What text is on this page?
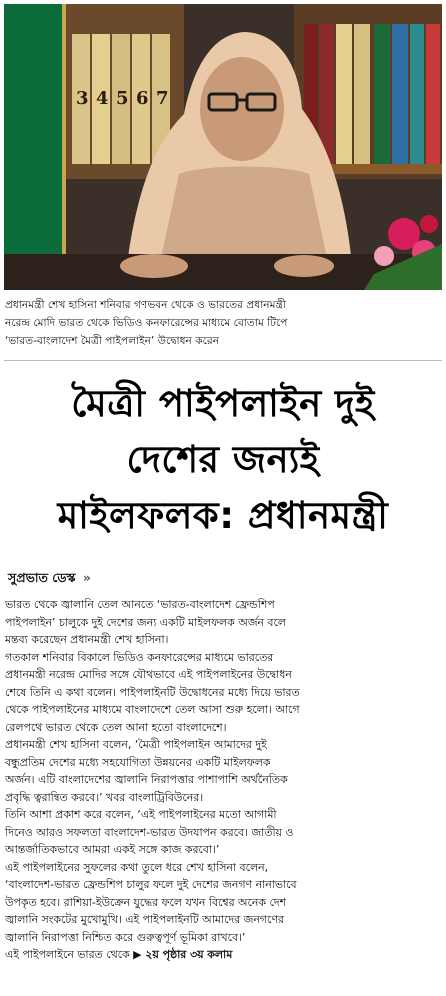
3 4 5 6 7
প্রধানমন্ত্রী শেখ হাসিনা শনিবার গণভবন থেকে ও ভারতের প্রধানমন্ত্রী
নরেন্দ্র মোদি ভারত থেকে ভিডিও কনফারেন্সের মাধ্যমে বোতাম টিপে
‘ভারত-বাংলাদেশ মৈত্রী পাইপলাইন’ উদ্বোধন করেন
মৈত্রী পাইপলাইন দুই
দেশের জন্যই
মাইলফলক: প্রধানমন্ত্রী
সুপ্রভাত ডেস্ক »

ভারত থেকে জ্বালানি তেল আনতে ‘ভারত-বাংলাদেশ ফ্রেন্ডশিপ

পাইপলাইন’ চালুকে দুই দেশের জন্য একটি মাইলফলক অর্জন বলে

মন্তব্য করেছেন প্রধানমন্ত্রী শেখ হাসিনা।

গতকাল শনিবার বিকালে ভিডিও কনফারেন্সের মাধ্যমে ভারতের

প্রধানমন্ত্রী নরেন্দ্র মোদির সঙ্গে যৌথভাবে এই পাইপলাইনের উদ্বোধন

শেষে তিনি এ কথা বলেন। পাইপলাইনটি উদ্বোধনের মধ্যে দিয়ে ভারত

থেকে পাইপলাইনের মাধ্যমে বাংলাদেশে তেল আসা শুরু হলো। আগে

রেলপথে ভারত থেকে তেল আনা হতো বাংলাদেশে।

প্রধানমন্ত্রী শেখ হাসিনা বলেন, ‘মৈত্রী পাইপলাইন আমাদের দুই

বন্ধুপ্রতিম দেশের মধ্যে সহযোগিতা উন্নয়নের একটি মাইলফলক

অর্জন। এটি বাংলাদেশের জ্বালানি নিরাপত্তার পাশাপাশি অর্থনৈতিক

প্রবৃদ্ধি ত্বরান্বিত করবে।’ খবর বাংলাট্রিবিউনের।

তিনি আশা প্রকাশ করে বলেন, ‘এই পাইপলাইনের মতো আগামী

দিনেও আরও সফলতা বাংলাদেশ-ভারত উদযাপন করবে। জাতীয় ও

আন্তর্জাতিকভাবে আমরা একই সঙ্গে কাজ করবো।’

এই পাইপলাইনের সুফলের কথা তুলে ধরে শেখ হাসিনা বলেন,

‘বাংলাদেশ-ভারত ফ্রেন্ডশিপ চালুর ফলে দুই দেশের জনগণ নানাভাবে

উপকৃত হবে। রাশিয়া-ইউক্রেন যুদ্ধের ফলে যখন বিশ্বের অনেক দেশ

জ্বালানি সংকটের মুখোমুখি। এই পাইপলাইনটি আমাদের জনগণের

জ্বালানি নিরাপত্তা নিশ্চিত করে গুরুত্বপূর্ণ ভূমিকা রাখবে।’

এই পাইপলাইনে ভারত থেকে ▶ ২য় পৃষ্ঠার ৩য় কলাম
